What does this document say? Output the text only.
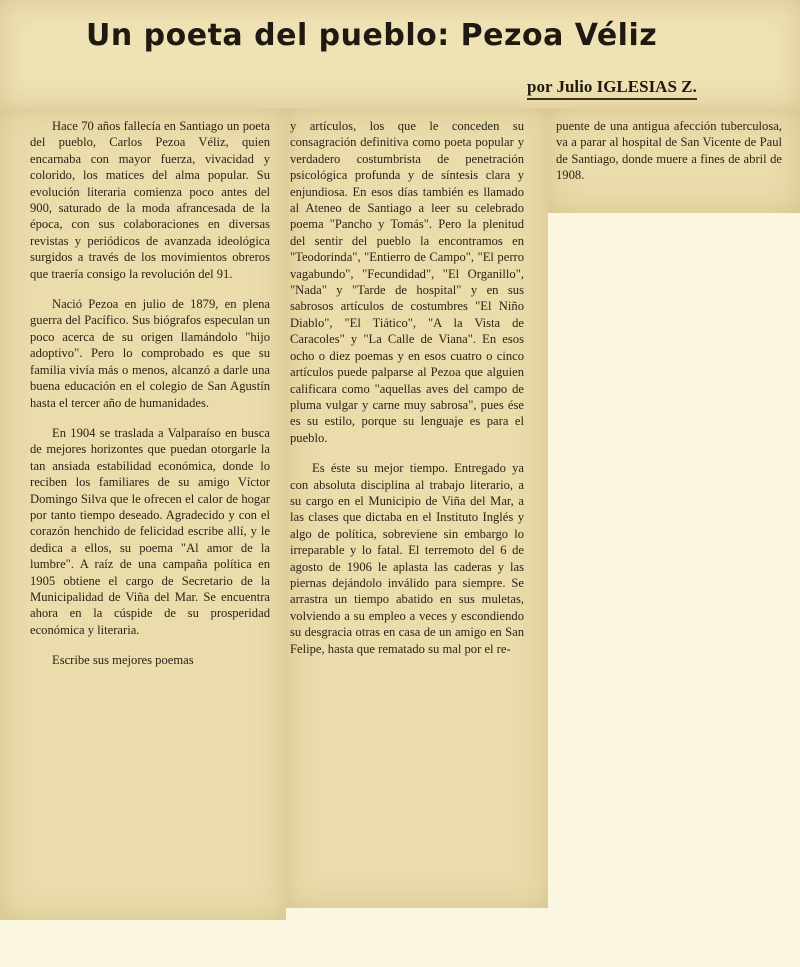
Un poeta del pueblo: Pezoa Véliz
por Julio IGLESIAS Z.

Hace 70 años fallecía en Santiago un poeta del pueblo, Carlos Pezoa Véliz, quien encarnaba con mayor fuerza, vivacidad y colorido, los matices del alma popular. Su evolución literaria comienza poco antes del 900, saturado de la moda afrancesada de la época, con sus colaboraciones en diversas revistas y periódicos de avanzada ideológica surgidos a través de los movimientos obreros que traería consigo la revolución del 91.

Nació Pezoa en julio de 1879, en plena guerra del Pacífico. Sus biógrafos especulan un poco acerca de su origen llamándolo "hijo adoptivo". Pero lo comprobado es que su familia vivía más o menos, alcanzó a darle una buena educación en el colegio de San Agustín hasta el tercer año de humanidades.

En 1904 se traslada a Valparaíso en busca de mejores horizontes que puedan otorgarle la tan ansiada estabilidad económica, donde lo reciben los familiares de su amigo Víctor Domingo Silva que le ofrecen el calor de hogar por tanto tiempo deseado. Agradecido y con el corazón henchido de felicidad escribe allí, y le dedica a ellos, su poema "Al amor de la lumbre". A raíz de una campaña política en 1905 obtiene el cargo de Secretario de la Municipalidad de Viña del Mar. Se encuentra ahora en la cúspide de su prosperidad económica y literaria.

Escribe sus mejores poemas

y artículos, los que le conceden su consagración definitiva como poeta popular y verdadero costumbrista de penetración psicológica profunda y de síntesis clara y enjundiosa. En esos días también es llamado al Ateneo de Santiago a leer su celebrado poema "Pancho y Tomás". Pero la plenitud del sentir del pueblo la encontramos en "Teodorinda", "Entierro de Campo", "El perro vagabundo", "Fecundidad", "El Organillo", "Nada" y "Tarde de hospital" y en sus sabrosos artículos de costumbres "El Niño Diablo", "El Tiático", "A la Vista de Caracoles" y "La Calle de Viana". En esos ocho o diez poemas y en esos cuatro o cinco artículos puede palparse al Pezoa que alguien calificara como "aquellas aves del campo de pluma vulgar y carne muy sabrosa", pues ése es su estilo, porque su lenguaje es para el pueblo.

Es éste su mejor tiempo. Entregado ya con absoluta disciplina al trabajo literario, a su cargo en el Municipio de Viña del Mar, a las clases que dictaba en el Instituto Inglés y algo de política, sobreviene sin embargo lo irreparable y lo fatal. El terremoto del 6 de agosto de 1906 le aplasta las caderas y las piernas dejándolo inválido para siempre. Se arrastra un tiempo abatido en sus muletas, volviendo a su empleo a veces y escondiendo su desgracia otras en casa de un amigo en San Felipe, hasta que rematado su mal por el re-

puente de una antigua afección tuberculosa, va a parar al hospital de San Vicente de Paul de Santiago, donde muere a fines de abril de 1908.
